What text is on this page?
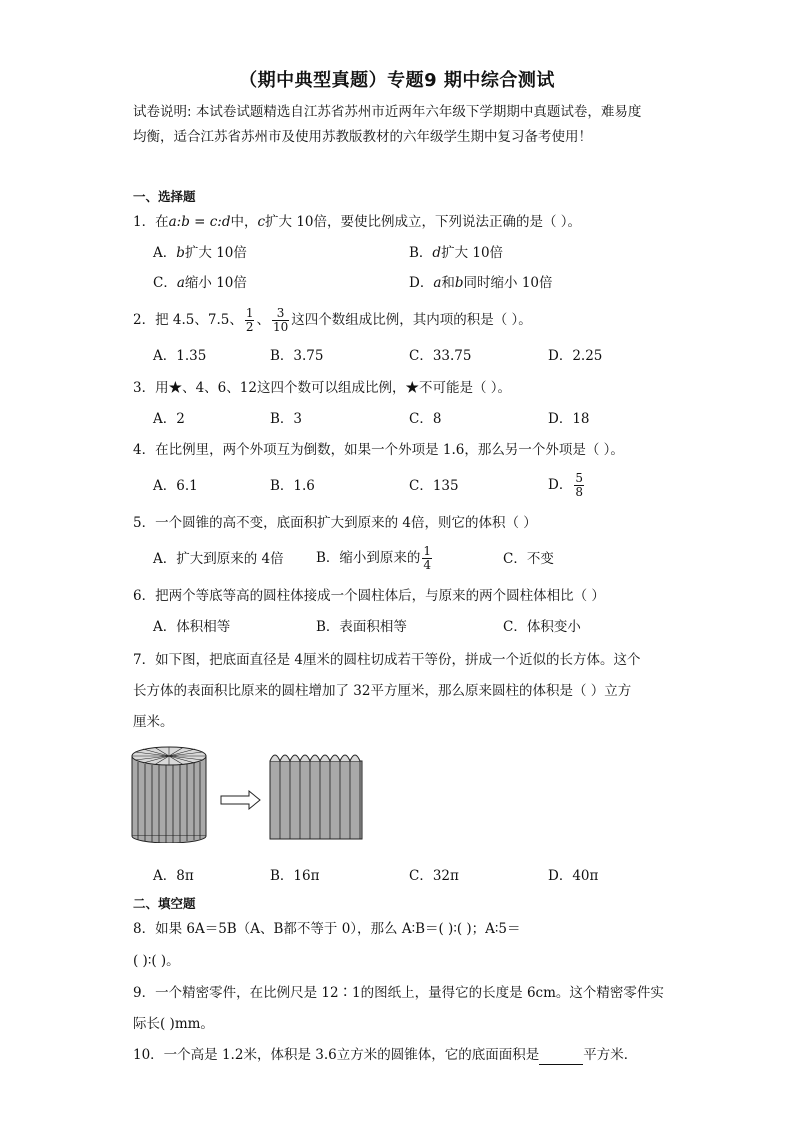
（期中典型真题）专题9 期中综合测试
试卷说明: 本试卷试题精选自江苏省苏州市近两年六年级下学期期中真题试卷，难易度
均衡，适合江苏省苏州市及使用苏教版教材的六年级学生期中复习备考使用！
一、选择题
1．在a:b = c:d中，c扩大 10倍，要使比例成立，下列说法正确的是（ ）。
A．b扩大 10倍	B．d扩大 10倍
C．a缩小 10倍	D．a和b同时缩小 10倍
2．把 4.5、7.5、 $\frac{1}{2}$ 、 $\frac{3}{10}$ 这四个数组成比例，其内项的积是（ ）。
A．1.35	B．3.75	C．33.75	D．2.25
3．用★、4、6、12这四个数可以组成比例，★不可能是（ ）。
A．2	B．3	C．8	D．18
4．在比例里，两个外项互为倒数，如果一个外项是 1.6，那么另一个外项是（ ）。
A．6.1	B．1.6	C．135	D． $\frac{5}{8}$
5．一个圆锥的高不变，底面积扩大到原来的 4倍，则它的体积（ ）
A．扩大到原来的 4倍 B．缩小到原来的 $\frac{1}{4}$	C．不变
6．把两个等底等高的圆柱体接成一个圆柱体后，与原来的两个圆柱体相比（ ）
A．体积相等	B．表面积相等	C．体积变小
7．如下图，把底面直径是 4厘米的圆柱切成若干等份，拼成一个近似的长方体。这个
长方体的表面积比原来的圆柱增加了 32平方厘米，那么原来圆柱的体积是（ ）立方
厘米。
A．8π	B．16π	C．32π	D．40π
二、填空题
8．如果 6A＝5B（A、B都不等于 0），那么 A∶B＝( )∶( )；A∶5＝
( )∶( )。
9．一个精密零件，在比例尺是 12∶1的图纸上，量得它的长度是 6cm。这个精密零件实
际长( )mm。
10．一个高是 1.2米，体积是 3.6立方米的圆锥体，它的底面面积是	平方米．
